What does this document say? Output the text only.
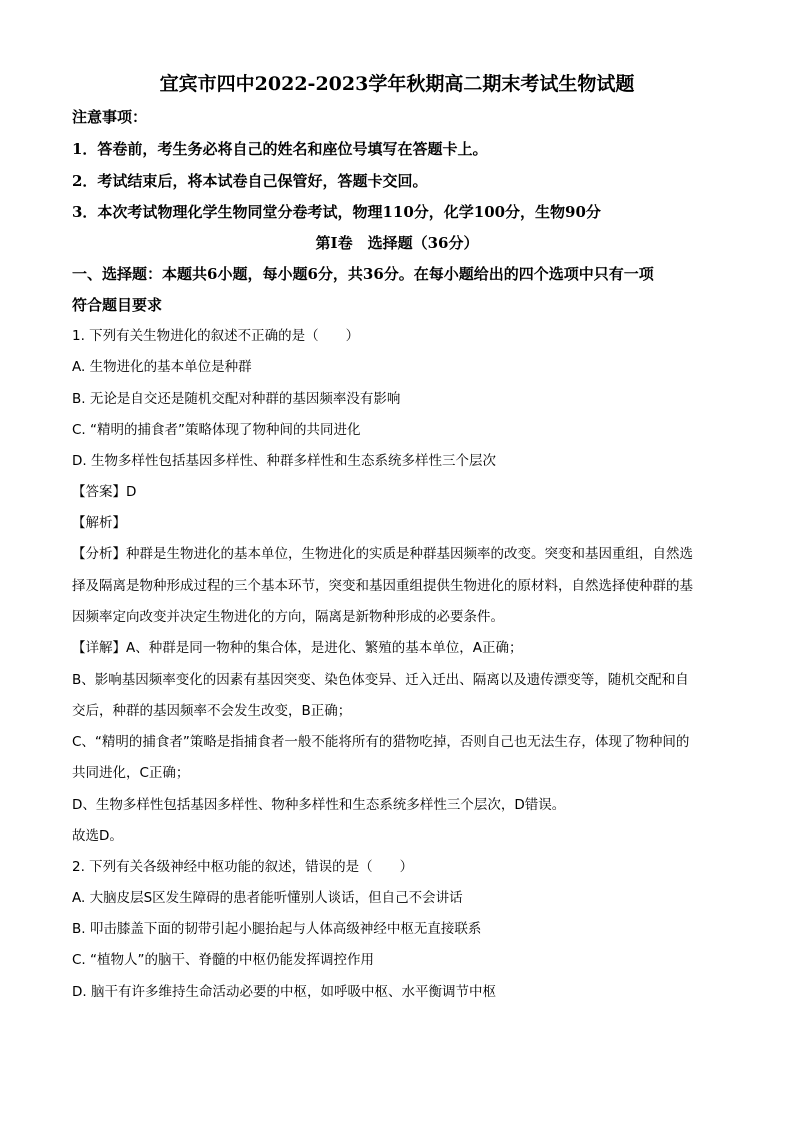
宜宾市四中2022-2023学年秋期高二期末考试生物试题
注意事项：
1．答卷前，考生务必将自己的姓名和座位号填写在答题卡上。
2．考试结束后，将本试卷自己保管好，答题卡交回。
3．本次考试物理化学生物同堂分卷考试，物理110分，化学100分，生物90分
第Ⅰ卷　选择题（36分）
一、选择题：本题共6小题，每小题6分，共36分。在每小题给出的四个选项中只有一项
符合题目要求
1. 下列有关生物进化的叙述不正确的是（　　）
A. 生物进化的基本单位是种群
B. 无论是自交还是随机交配对种群的基因频率没有影响
C. “精明的捕食者”策略体现了物种间的共同进化
D. 生物多样性包括基因多样性、种群多样性和生态系统多样性三个层次
【答案】D
【解析】
【分析】种群是生物进化的基本单位，生物进化的实质是种群基因频率的改变。突变和基因重组，自然选
择及隔离是物种形成过程的三个基本环节，突变和基因重组提供生物进化的原材料，自然选择使种群的基
因频率定向改变并决定生物进化的方向，隔离是新物种形成的必要条件。
【详解】A、种群是同一物种的集合体，是进化、繁殖的基本单位，A正确；
B、影响基因频率变化的因素有基因突变、染色体变异、迁入迁出、隔离以及遗传漂变等，随机交配和自
交后，种群的基因频率不会发生改变，B正确；
C、“精明的捕食者”策略是指捕食者一般不能将所有的猎物吃掉，否则自己也无法生存，体现了物种间的
共同进化，C正确；
D、生物多样性包括基因多样性、物种多样性和生态系统多样性三个层次，D错误。
故选D。
2. 下列有关各级神经中枢功能的叙述，错误的是（　　）
A. 大脑皮层S区发生障碍的患者能听懂别人谈话，但自己不会讲话
B. 叩击膝盖下面的韧带引起小腿抬起与人体高级神经中枢无直接联系
C. “植物人”的脑干、脊髓的中枢仍能发挥调控作用
D. 脑干有许多维持生命活动必要的中枢，如呼吸中枢、水平衡调节中枢
